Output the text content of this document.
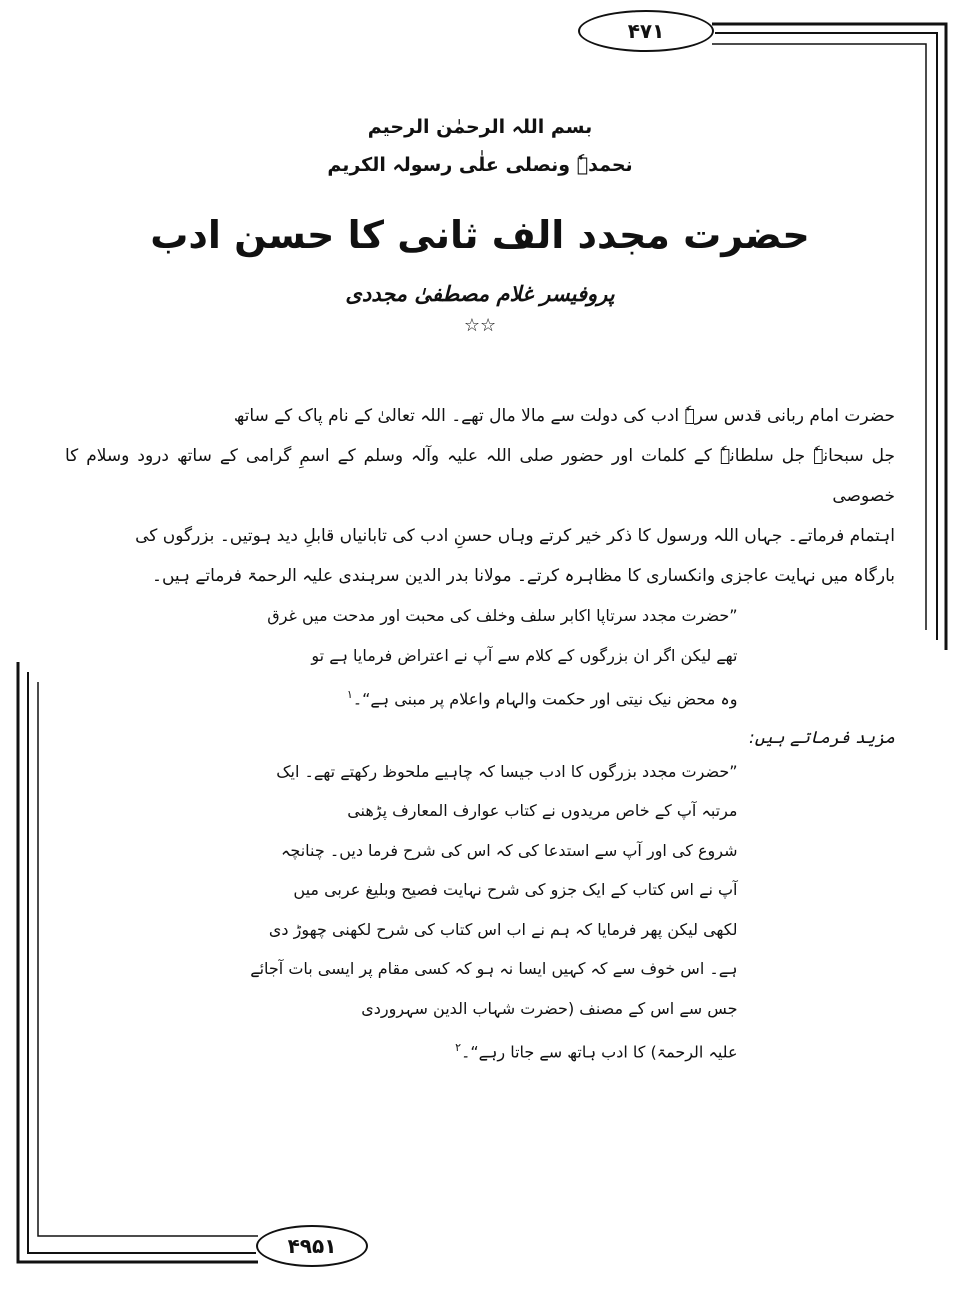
۴۷۱
۴۹۵۱
بسم اللہ الرحمٰن الرحیم
نحمدہٗ ونصلی علٰی رسولہ الکریم
حضرت مجدد الف ثانی کا حسن ادب
پروفیسر غلام مصطفیٰ مجددی
☆☆
حضرت امام ربانی قدس سرہٗ ادب کی دولت سے مالا مال تھے۔ اللہ تعالیٰ کے نام پاک کے ساتھ
جل سبحانہٗ جل سلطانہٗ کے کلمات اور حضور صلی اللہ علیہ وآلہ وسلم کے اسمِ گرامی کے ساتھ درود وسلام کا خصوصی
اہتمام فرماتے۔ جہاں اللہ ورسول کا ذکر خیر کرتے وہاں حسنِ ادب کی تابانیاں قابلِ دید ہوتیں۔ بزرگوں کی
بارگاہ میں نہایت عاجزی وانکساری کا مظاہرہ کرتے۔ مولانا بدر الدین سرہندی علیہ الرحمۃ فرماتے ہیں۔
”حضرت مجدد سرتاپا اکابر سلف وخلف کی محبت اور مدحت میں غرق
تھے لیکن اگر ان بزرگوں کے کلام سے آپ نے اعتراض فرمایا ہے تو
وہ محض نیک نیتی اور حکمت والہام واعلام پر مبنی ہے“۔$^۱$
مزید فرماتے ہیں:
”حضرت مجدد بزرگوں کا ادب جیسا کہ چاہیے ملحوظ رکھتے تھے۔ ایک
مرتبہ آپ کے خاص مریدوں نے کتاب عوارف المعارف پڑھنی
شروع کی اور آپ سے استدعا کی کہ اس کی شرح فرما دیں۔ چنانچہ
آپ نے اس کتاب کے ایک جزو کی شرح نہایت فصیح وبلیغ عربی میں
لکھی لیکن پھر فرمایا کہ ہم نے اب اس کتاب کی شرح لکھنی چھوڑ دی
ہے۔ اس خوف سے کہ کہیں ایسا نہ ہو کہ کسی مقام پر ایسی بات آجائے
جس سے اس کے مصنف (حضرت شہاب الدین سہروردی
علیہ الرحمۃ) کا ادب ہاتھ سے جاتا رہے“۔$^۲$
